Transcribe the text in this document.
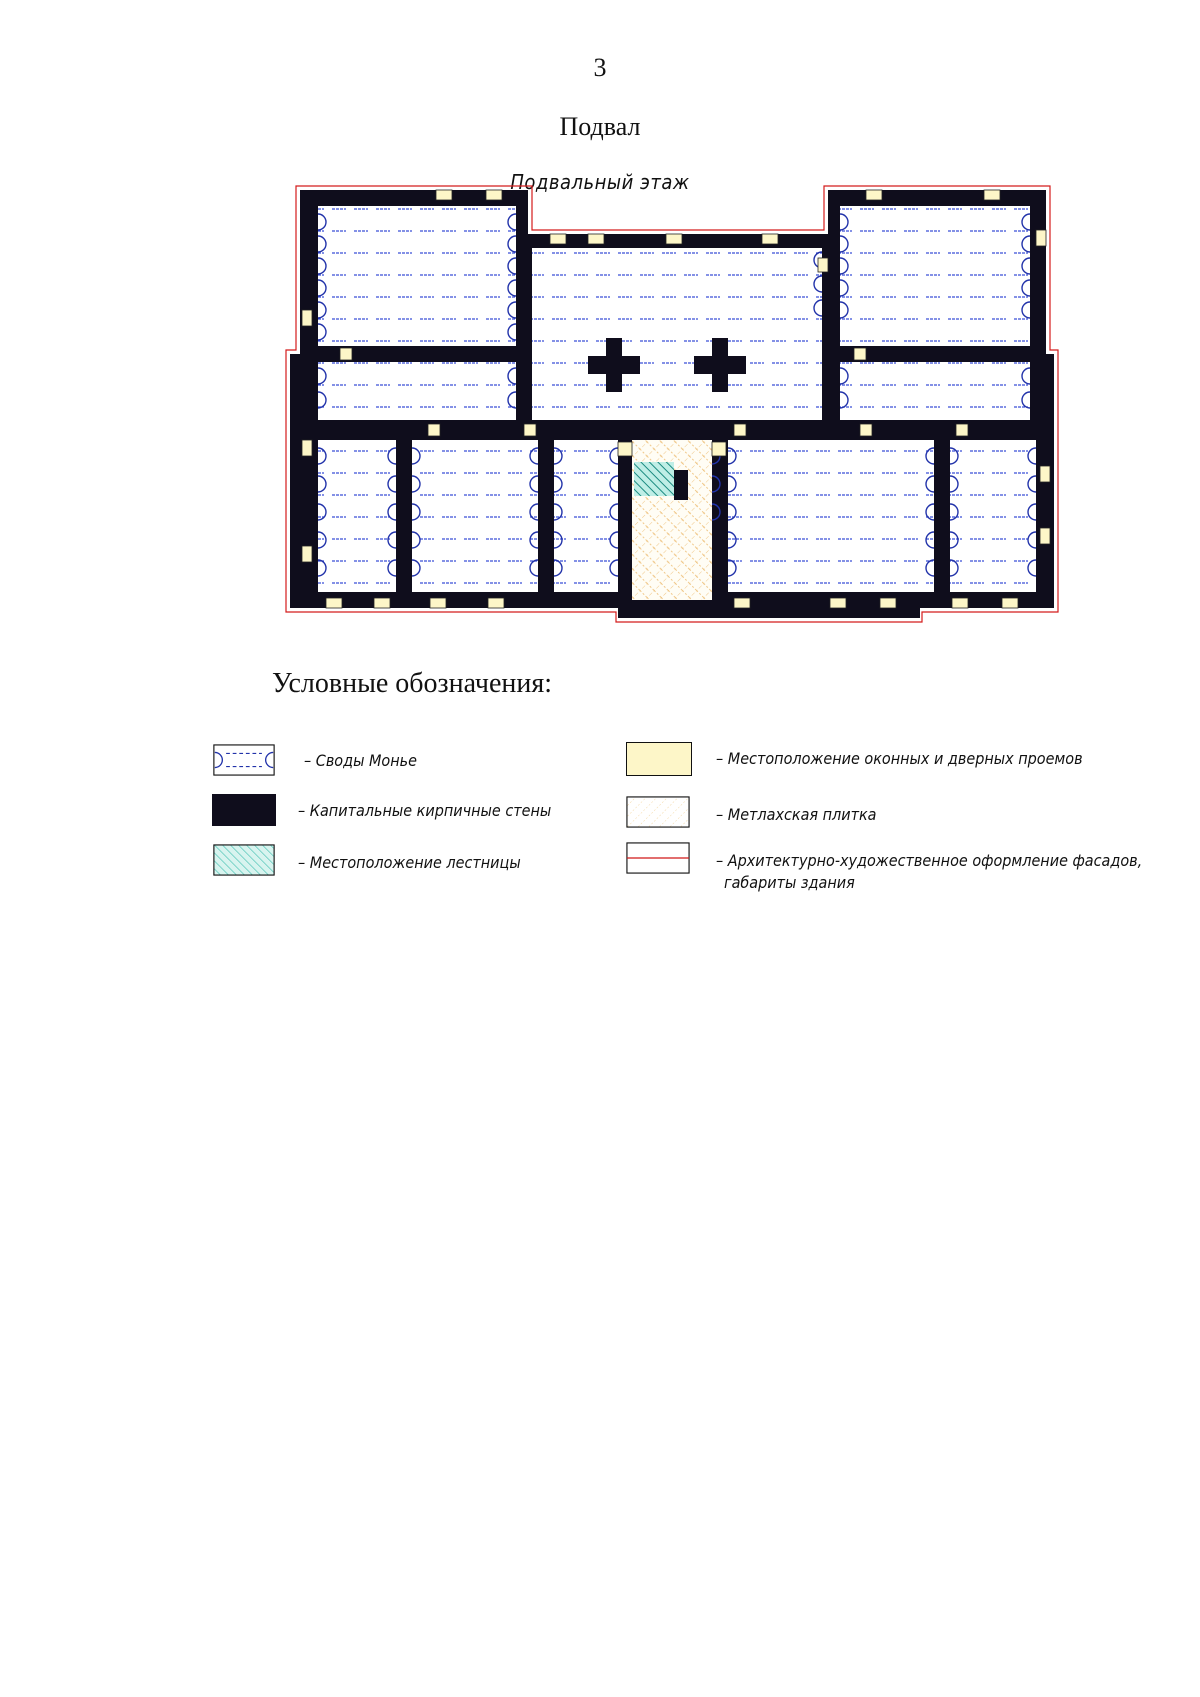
3
Подвал
Подвальный этаж
Условные обозначения:
– Своды Монье
– Капитальные кирпичные стены
– Местоположение лестницы
– Местоположение оконных и дверных проемов
– Метлахская плитка
– Архитектурно-художественное оформление фасадов,
габариты здания
